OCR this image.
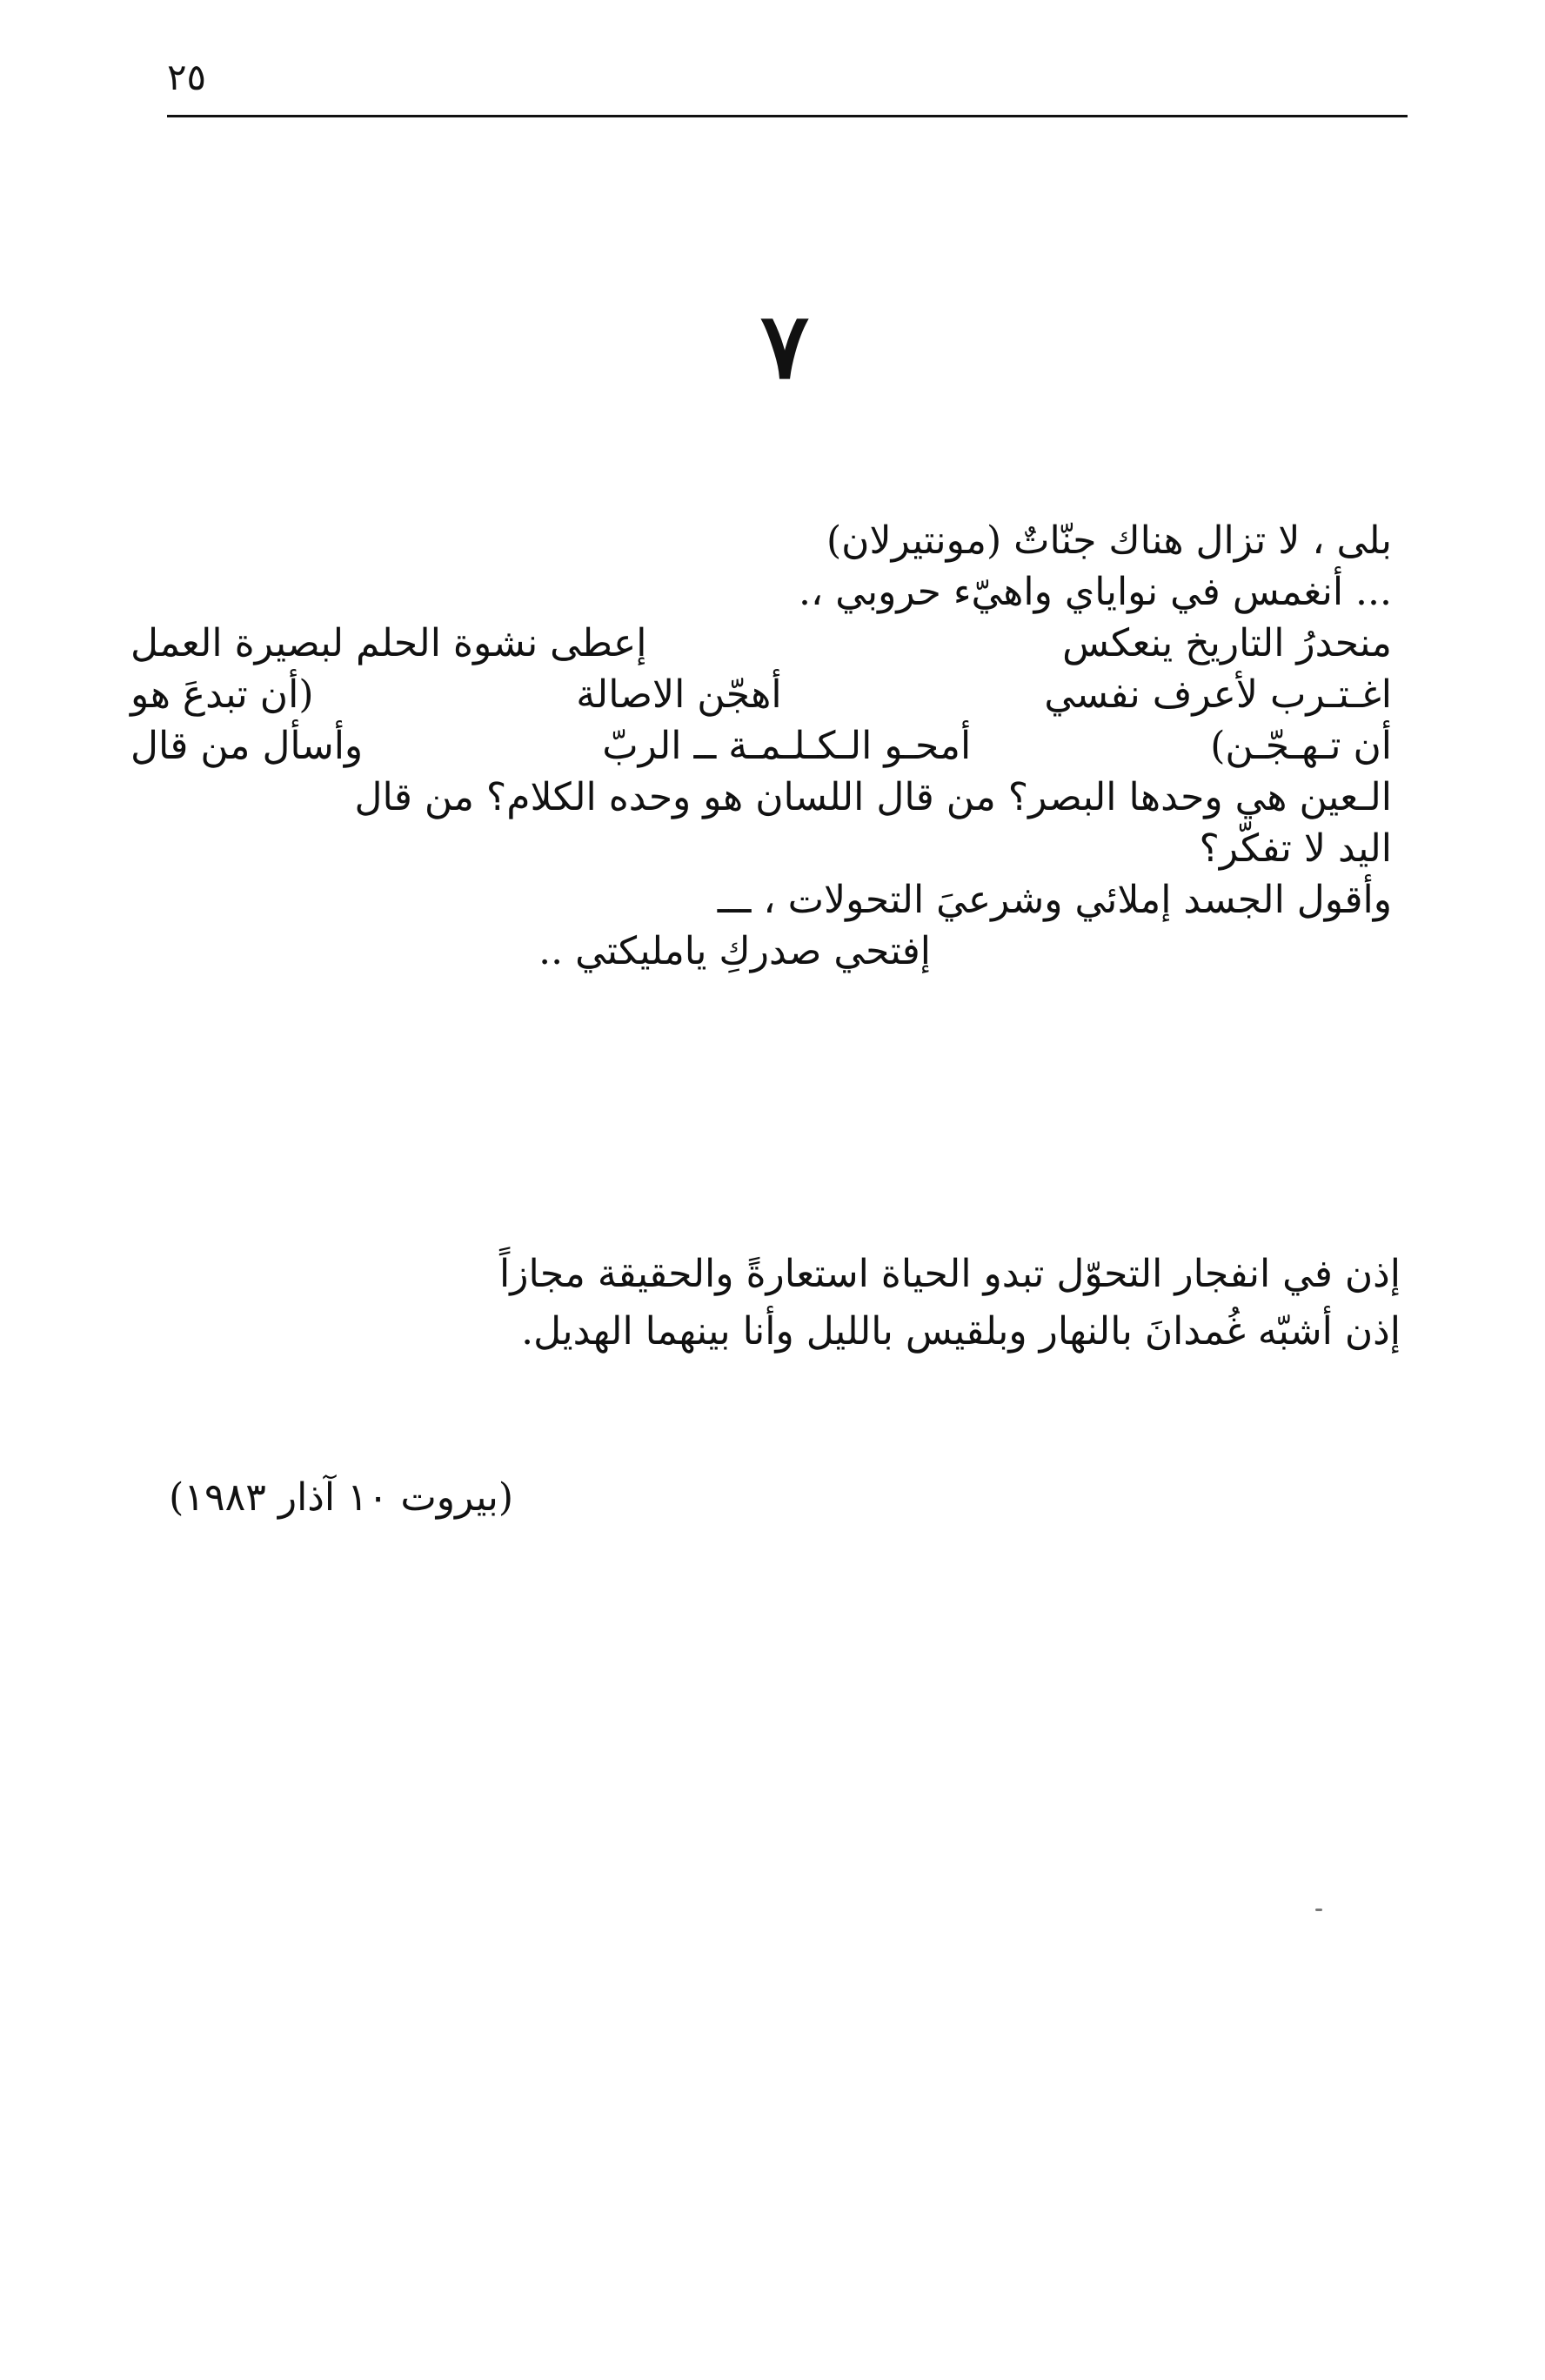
٢٥
٧
بلى ، لا تزال هناك جنّاتٌ (مونتيرلان)
... أنغمس في نواياي واهيّء حروبي ،.
منحدرُ التاريخ ينعكس
إعطى نشوة الحلم لبصيرة العمل
اغـتـرب لأعرف نفسي
أهجّن الاصالة
(أن تبدعَ هو
أن تـهـجّـن)
أمحـو الـكـلـمـة ــ الربّ
وأسأل من قال
الـعين هي وحدها البصر؟ من قال اللسان هو وحده الكلام؟ من قال
اليد لا تفكّر؟
وأقول الجسد إملائي وشرعيَ التحولات ، ـــ
إفتحي صدركِ يامليكتي ..
إذن في انفجار التحوّل تبدو الحياة استعارةً والحقيقة مجازاً
إذن أشبّه غُمدانَ بالنهار وبلقيس بالليل وأنا بينهما الهديل.
(بيروت ١٠ آذار ١٩٨٣)
